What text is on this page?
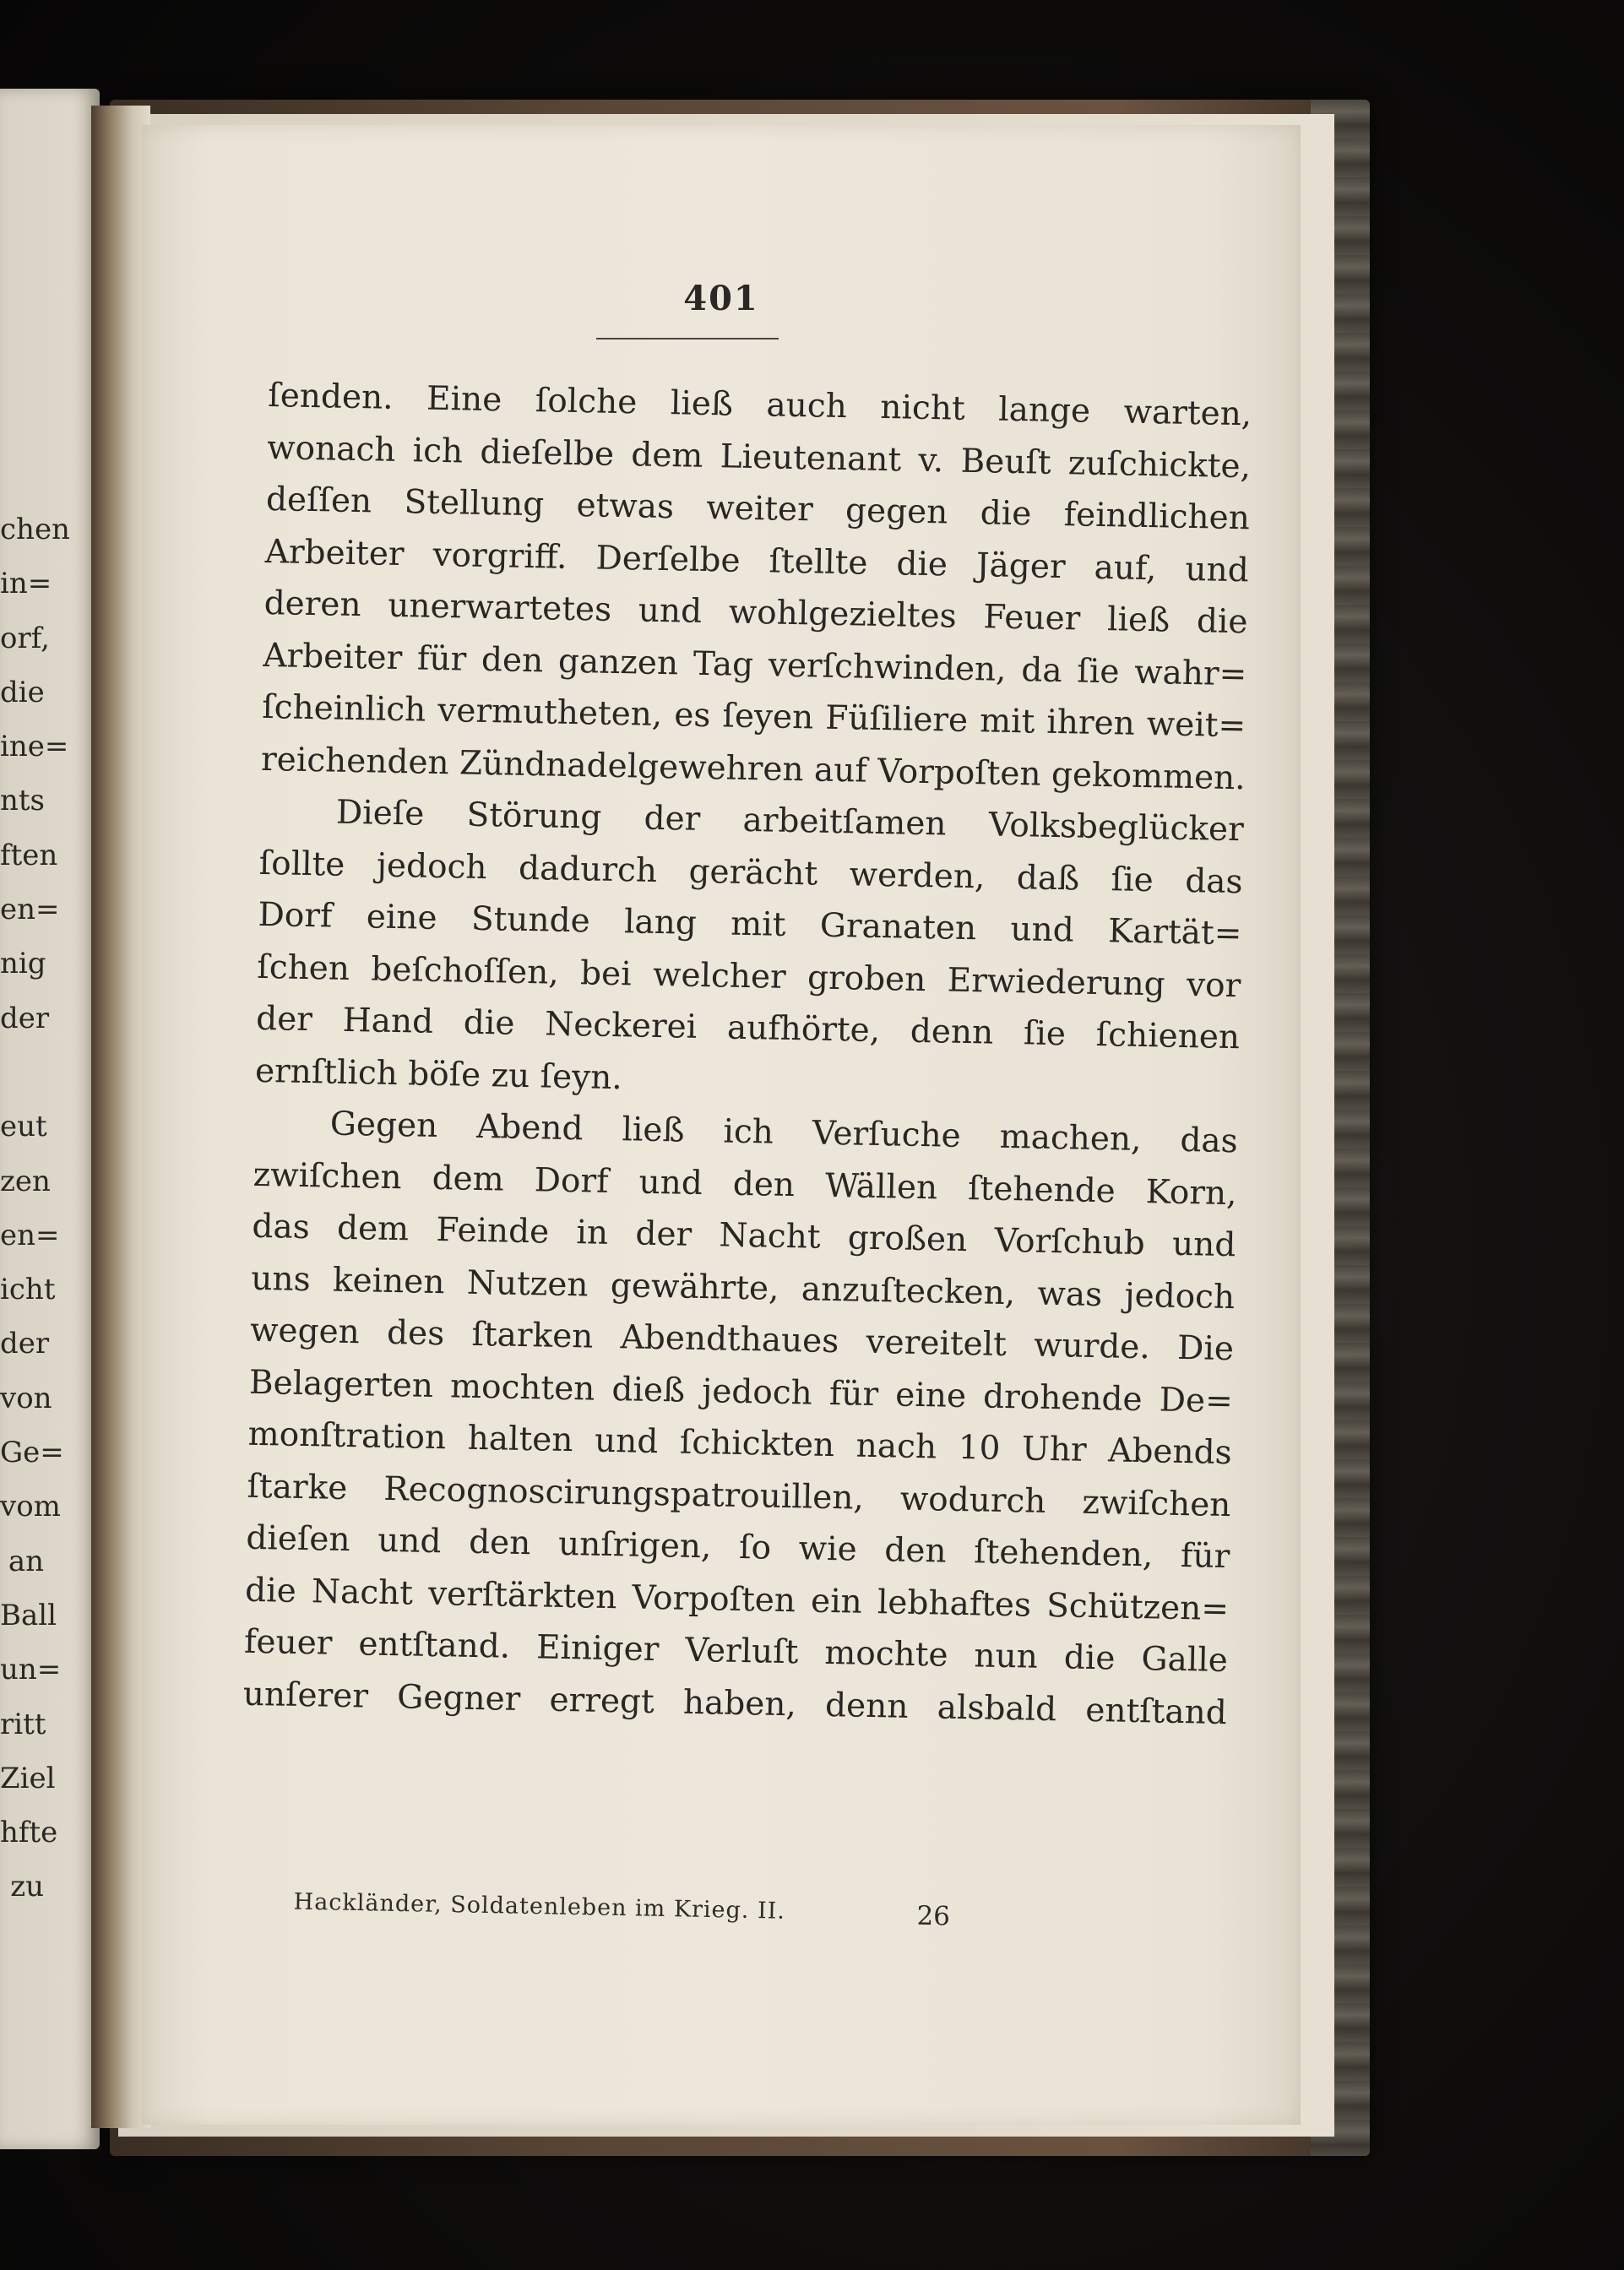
chen
in=
orf,
die
ine=
nts
ften
en=
nig
der
eut
zen
en=
icht
der
von
Ge=
vom
an
Ball
un=
ritt
Ziel
hfte
zu
401
ſenden. Eine ſolche ließ auch nicht lange warten,
wonach ich dieſelbe dem Lieutenant v. Beuſt zuſchickte,
deſſen Stellung etwas weiter gegen die feindlichen
Arbeiter vorgriff. Derſelbe ſtellte die Jäger auf, und
deren unerwartetes und wohlgezieltes Feuer ließ die
Arbeiter für den ganzen Tag verſchwinden, da ſie wahr=
ſcheinlich vermutheten, es ſeyen Füſiliere mit ihren weit=
reichenden Zündnadelgewehren auf Vorpoſten gekommen.
Dieſe Störung der arbeitſamen Volksbeglücker
ſollte jedoch dadurch gerächt werden, daß ſie das
Dorf eine Stunde lang mit Granaten und Kartät=
ſchen beſchoſſen, bei welcher groben Erwiederung vor
der Hand die Neckerei aufhörte, denn ſie ſchienen
ernſtlich böſe zu ſeyn.
Gegen Abend ließ ich Verſuche machen, das
zwiſchen dem Dorf und den Wällen ſtehende Korn,
das dem Feinde in der Nacht großen Vorſchub und
uns keinen Nutzen gewährte, anzuſtecken, was jedoch
wegen des ſtarken Abendthaues vereitelt wurde. Die
Belagerten mochten dieß jedoch für eine drohende De=
monſtration halten und ſchickten nach 10 Uhr Abends
ſtarke Recognoscirungspatrouillen, wodurch zwiſchen
dieſen und den unſrigen, ſo wie den ſtehenden, für
die Nacht verſtärkten Vorpoſten ein lebhaftes Schützen=
feuer entſtand. Einiger Verluſt mochte nun die Galle
unſerer Gegner erregt haben, denn alsbald entſtand
Hackländer, Soldatenleben im Krieg. II.	26
